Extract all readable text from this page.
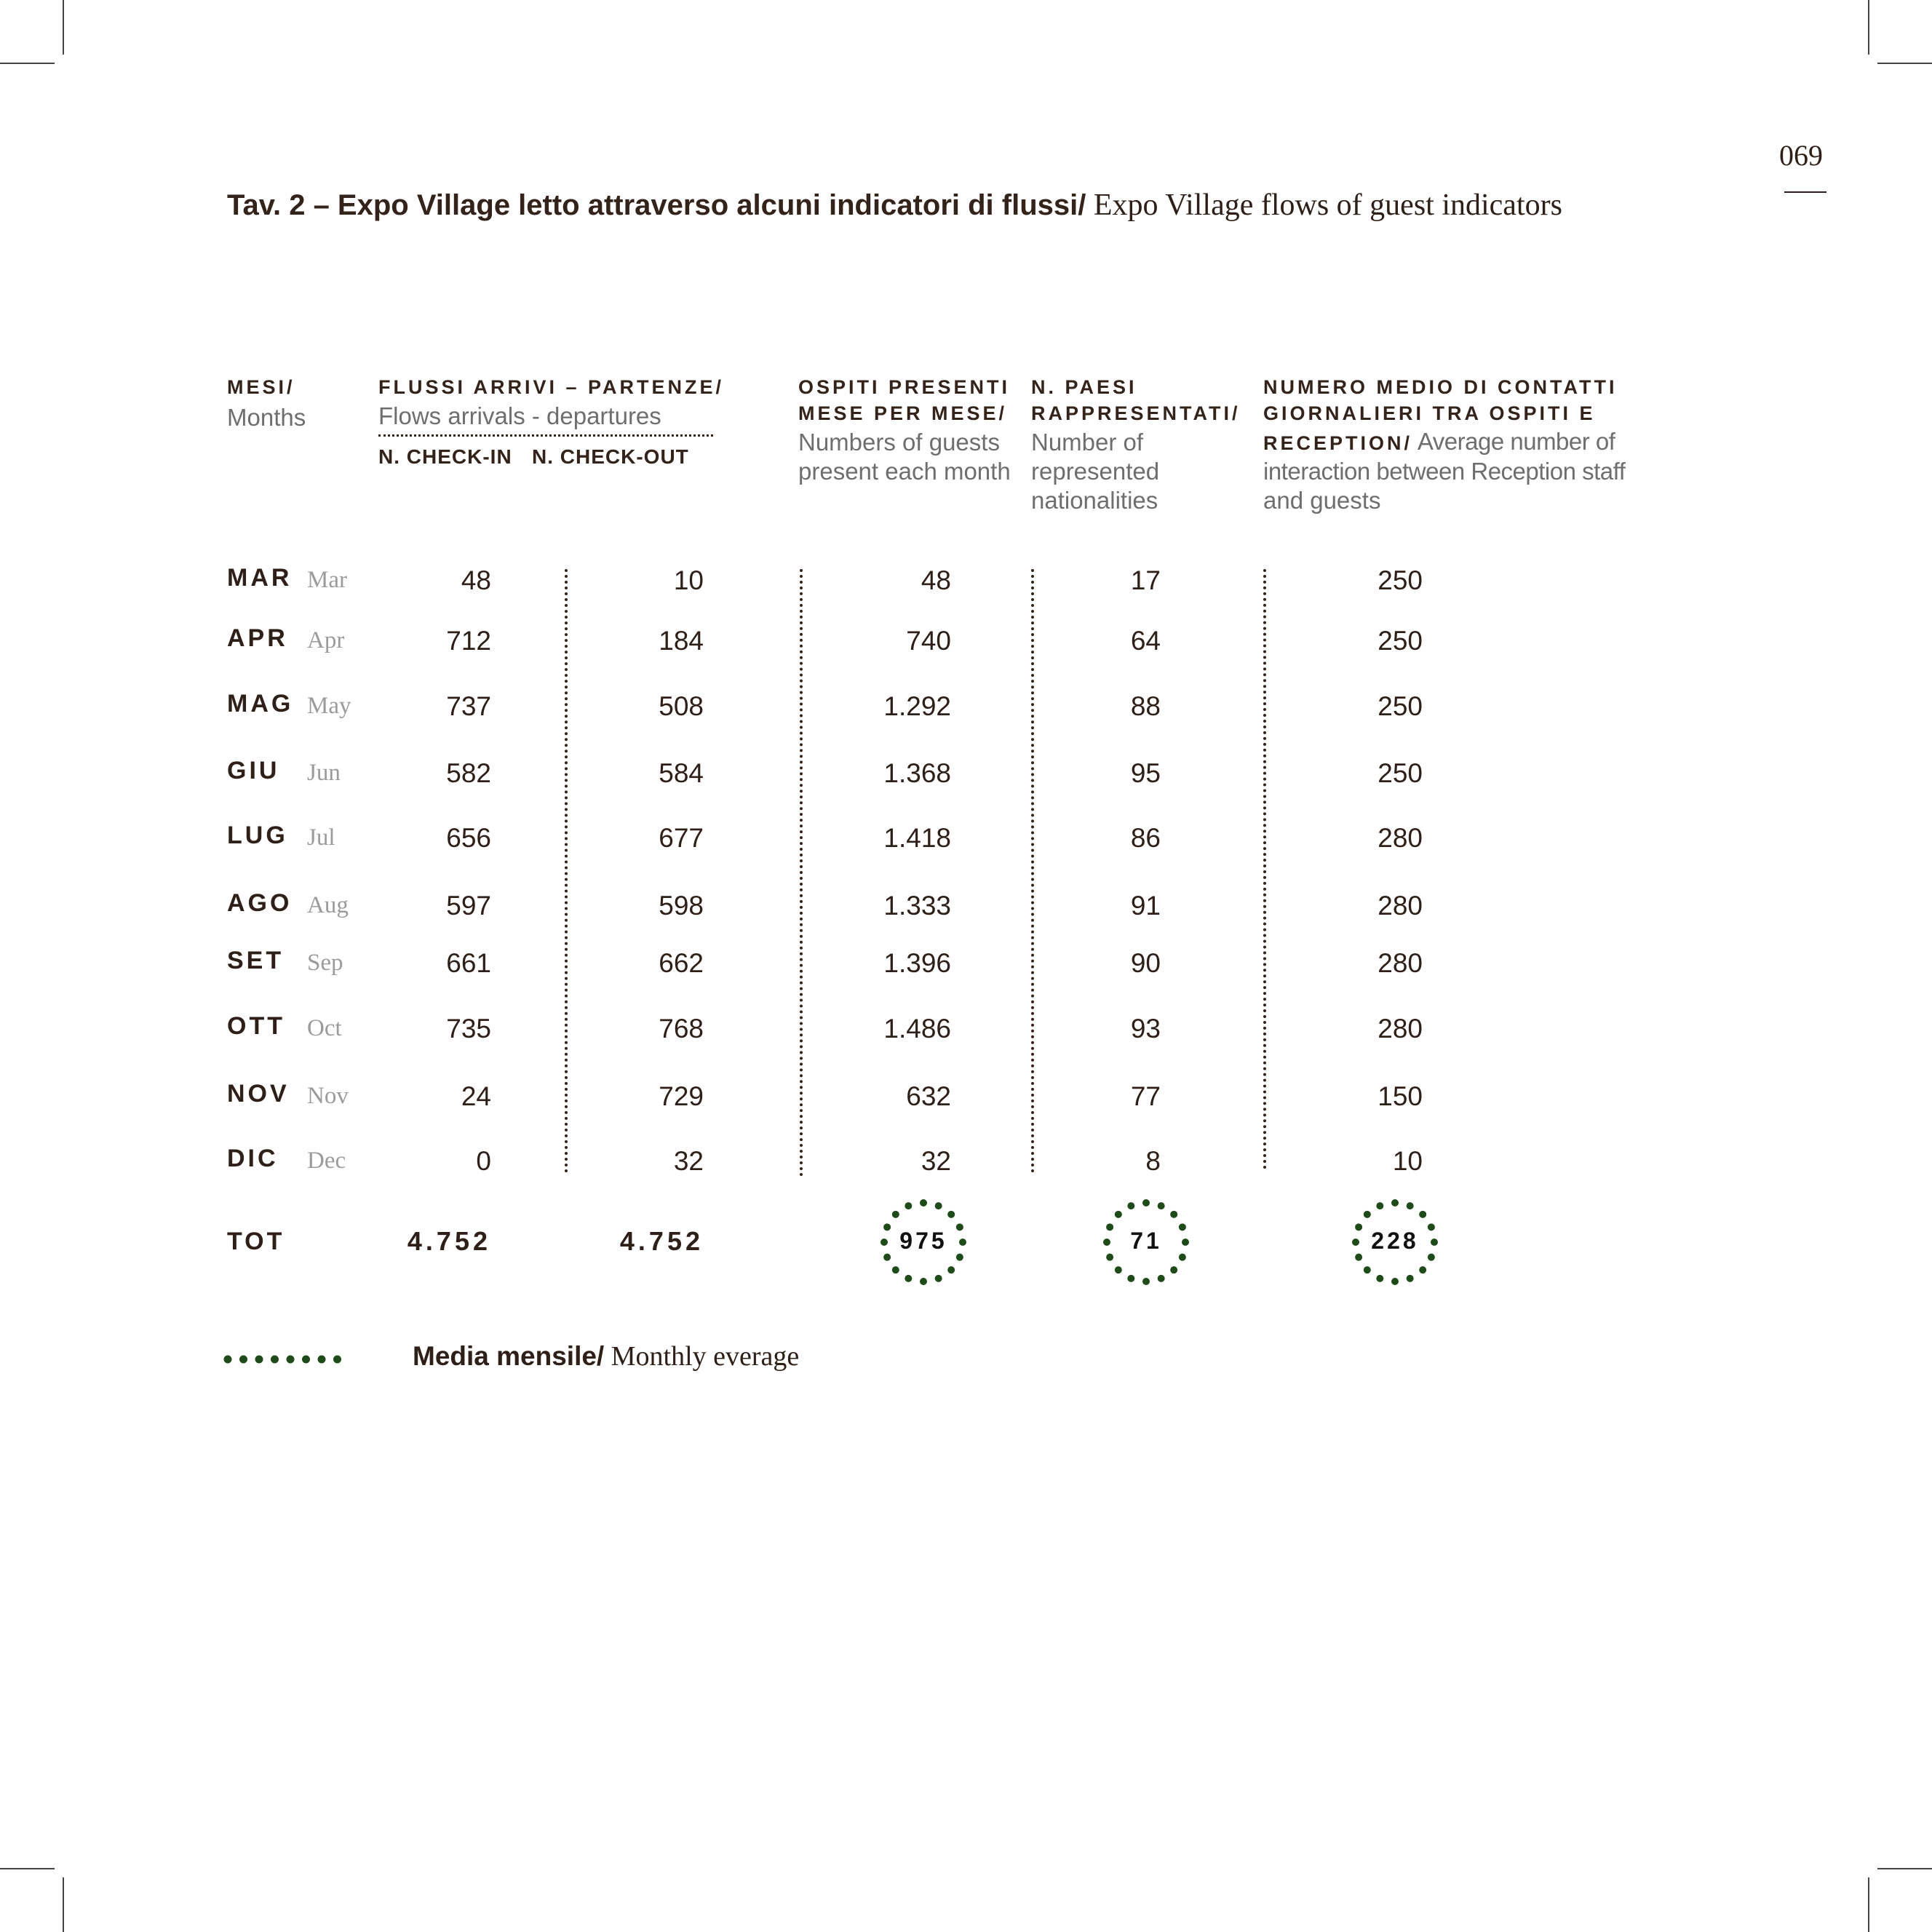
069
Tav. 2 – Expo Village letto attraverso alcuni indicatori di flussi/ Expo Village flows of guest indicators
MESI/
Months
FLUSSI ARRIVI – PARTENZE/
Flows arrivals - departures
N. CHECK-IN N. CHECK-OUT
OSPITI PRESENTI
MESE PER MESE/
Numbers of guests
present each month
N. PAESI
RAPPRESENTATI/
Number of
represented
nationalities
NUMERO MEDIO DI CONTATTI
GIORNALIERI TRA OSPITI E
RECEPTION/ Average number of
interaction between Reception staff
and guests
MAR Mar	48	10	48	17	250
APR Apr	712	184	740	64	250
MAG May	737	508	1.292	88	250
GIU Jun	582	584	1.368	95	250
LUG Jul	656	677	1.418	86	280
AGO Aug	597	598	1.333	91	280
SET Sep	661	662	1.396	90	280
OTT Oct	735	768	1.486	93	280
NOV Nov	24	729	632	77	150
DIC Dec	0	32	32	8	10
TOT	4.752	4.752	975	71	228
Media mensile/ Monthly everage
